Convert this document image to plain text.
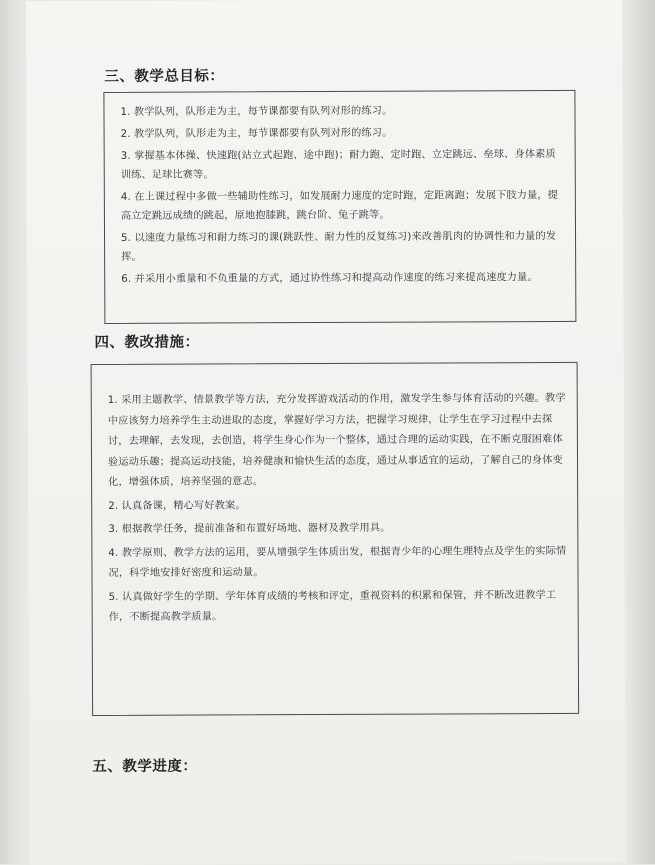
三、教学总目标：

1. 教学队列，队形走为主，每节课都要有队列对形的练习。

2. 教学队列，队形走为主，每节课都要有队列对形的练习。

3. 掌握基本体操、快速跑(站立式起跑、途中跑)；耐力跑、定时跑、立定跳远、垒球、身体素质训练、足球比赛等。

4. 在上课过程中多做一些辅助性练习，如发展耐力速度的定时跑，定距离跑；发展下肢力量，提高立定跳远成绩的跳起，原地抱膝跳，跳台阶、兔子跳等。

5. 以速度力量练习和耐力练习的课(跳跃性、耐力性的反复练习)来改善肌肉的协调性和力量的发挥。

6. 并采用小重量和不负重量的方式，通过协性练习和提高动作速度的练习来提高速度力量。

四、教改措施：

1. 采用主题教学、情景教学等方法，充分发挥游戏活动的作用，激发学生参与体育活动的兴趣。教学中应该努力培养学生主动进取的态度，掌握好学习方法，把握学习规律，让学生在学习过程中去探讨，去理解，去发现，去创造，将学生身心作为一个整体，通过合理的运动实践，在不断克服困难体验运动乐趣；提高运动技能，培养健康和愉快生活的态度，通过从事适宜的运动，了解自己的身体变化，增强体质，培养坚强的意志。

2. 认真备课，精心写好教案。

3. 根据教学任务，提前准备和布置好场地、器材及教学用具。

4. 教学原则、教学方法的运用，要从增强学生体质出发，根据青少年的心理生理特点及学生的实际情况，科学地安排好密度和运动量。

5. 认真做好学生的学期、学年体育成绩的考核和评定，重视资料的积累和保管，并不断改进教学工作，不断提高教学质量。

五、教学进度：
